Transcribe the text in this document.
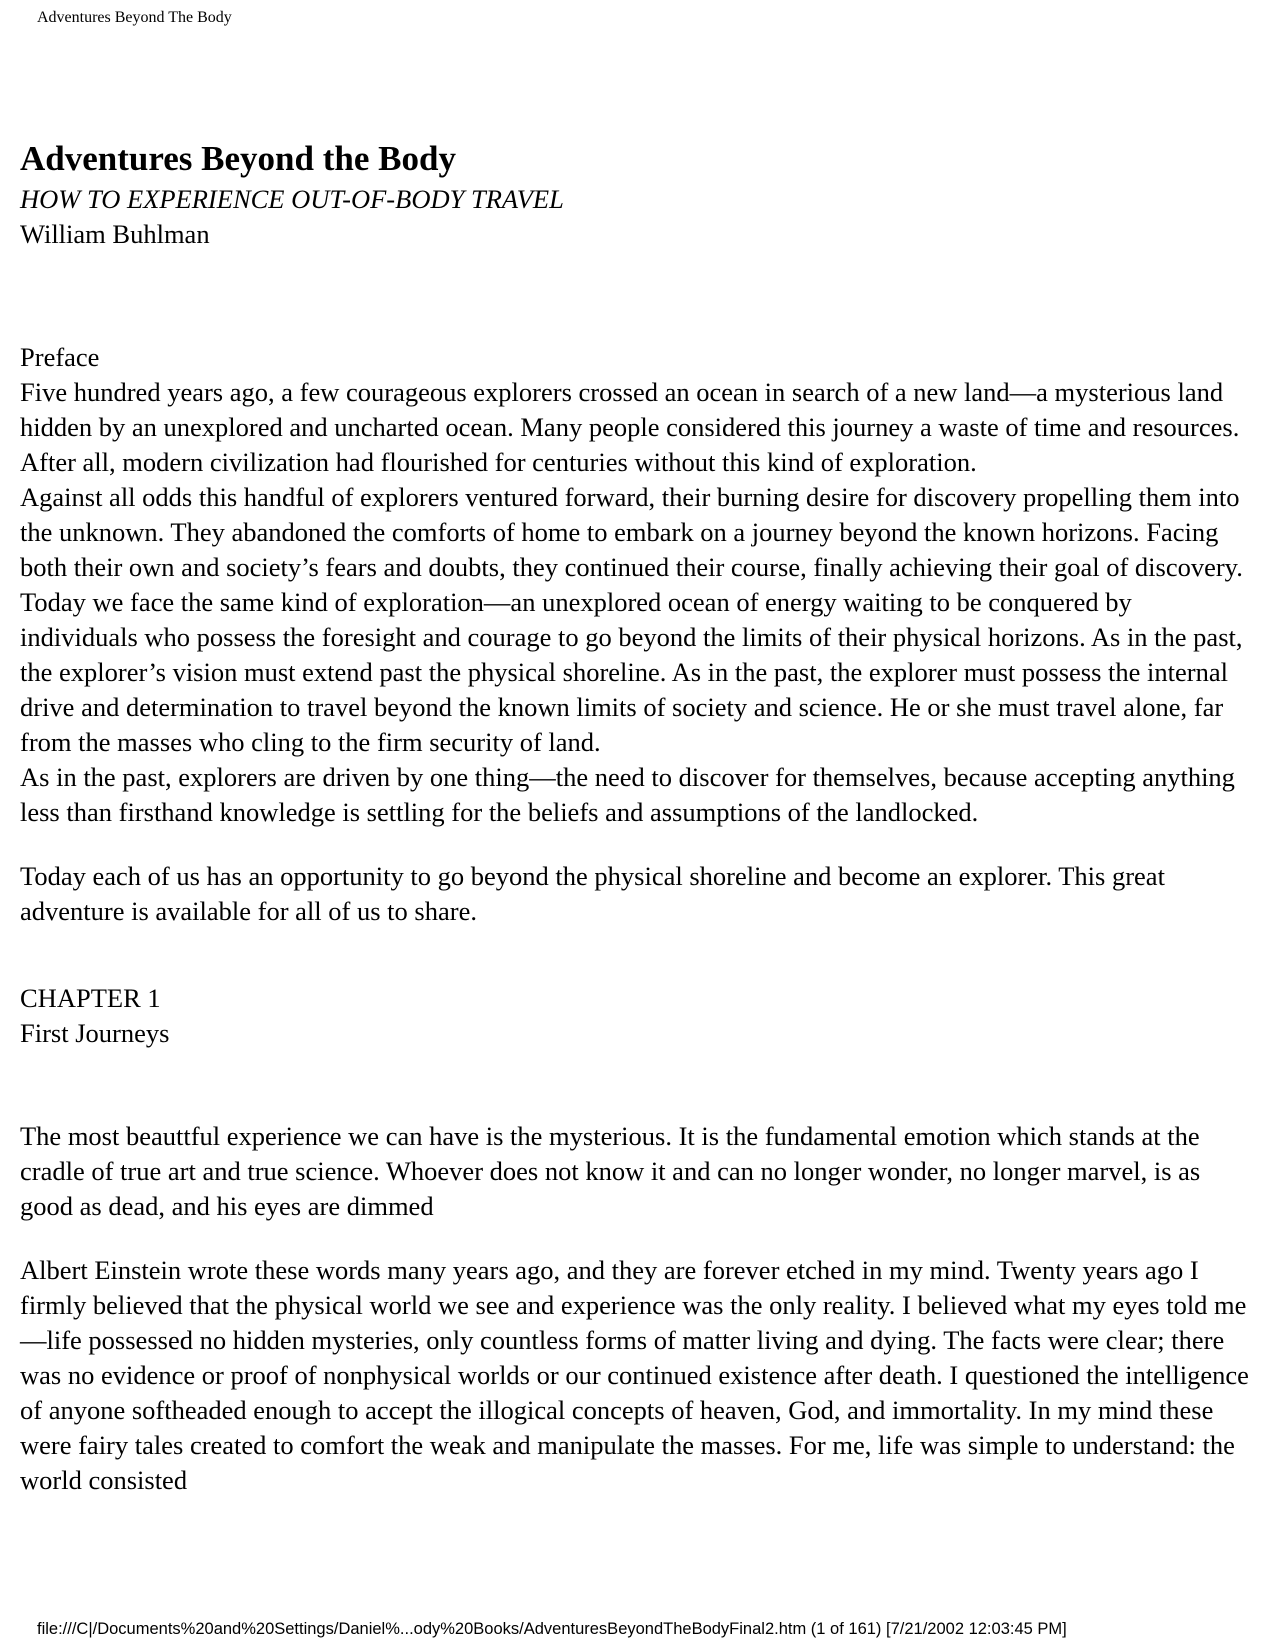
Adventures Beyond The Body
Adventures Beyond the Body
HOW TO EXPERIENCE OUT-OF-BODY TRAVEL
William Buhlman
Preface
Five hundred years ago, a few courageous explorers crossed an ocean in search of a new land—a mysterious land hidden by an unexplored and uncharted ocean. Many people considered this journey a waste of time and resources. After all, modern civilization had flourished for centuries without this kind of exploration.
Against all odds this handful of explorers ventured forward, their burning desire for discovery propelling them into the unknown. They abandoned the comforts of home to embark on a journey beyond the known horizons. Facing both their own and society’s fears and doubts, they continued their course, finally achieving their goal of discovery.
Today we face the same kind of exploration—an unexplored ocean of energy waiting to be conquered by individuals who possess the foresight and courage to go beyond the limits of their physical horizons. As in the past, the explorer’s vision must extend past the physical shoreline. As in the past, the explorer must possess the internal drive and determination to travel beyond the known limits of society and science. He or she must travel alone, far from the masses who cling to the firm security of land.
As in the past, explorers are driven by one thing—the need to discover for themselves, because accepting anything less than firsthand knowledge is settling for the beliefs and assumptions of the landlocked.
Today each of us has an opportunity to go beyond the physical shoreline and become an explorer. This great adventure is available for all of us to share.
CHAPTER 1
First Journeys
The most beauttful experience we can have is the mysterious. It is the fundamental emotion which stands at the cradle of true art and true science. Whoever does not know it and can no longer wonder, no longer marvel, is as good as dead, and his eyes are dimmed
Albert Einstein wrote these words many years ago, and they are forever etched in my mind. Twenty years ago I firmly believed that the physical world we see and experience was the only reality. I believed what my eyes told me—life possessed no hidden mysteries, only countless forms of matter living and dying. The facts were clear; there was no evidence or proof of nonphysical worlds or our continued existence after death. I questioned the intelligence of anyone softheaded enough to accept the illogical concepts of heaven, God, and immortality. In my mind these were fairy tales created to comfort the weak and manipulate the masses. For me, life was simple to understand: the world consisted
file:///C|/Documents%20and%20Settings/Daniel%...ody%20Books/AdventuresBeyondTheBodyFinal2.htm (1 of 161) [7/21/2002 12:03:45 PM]
